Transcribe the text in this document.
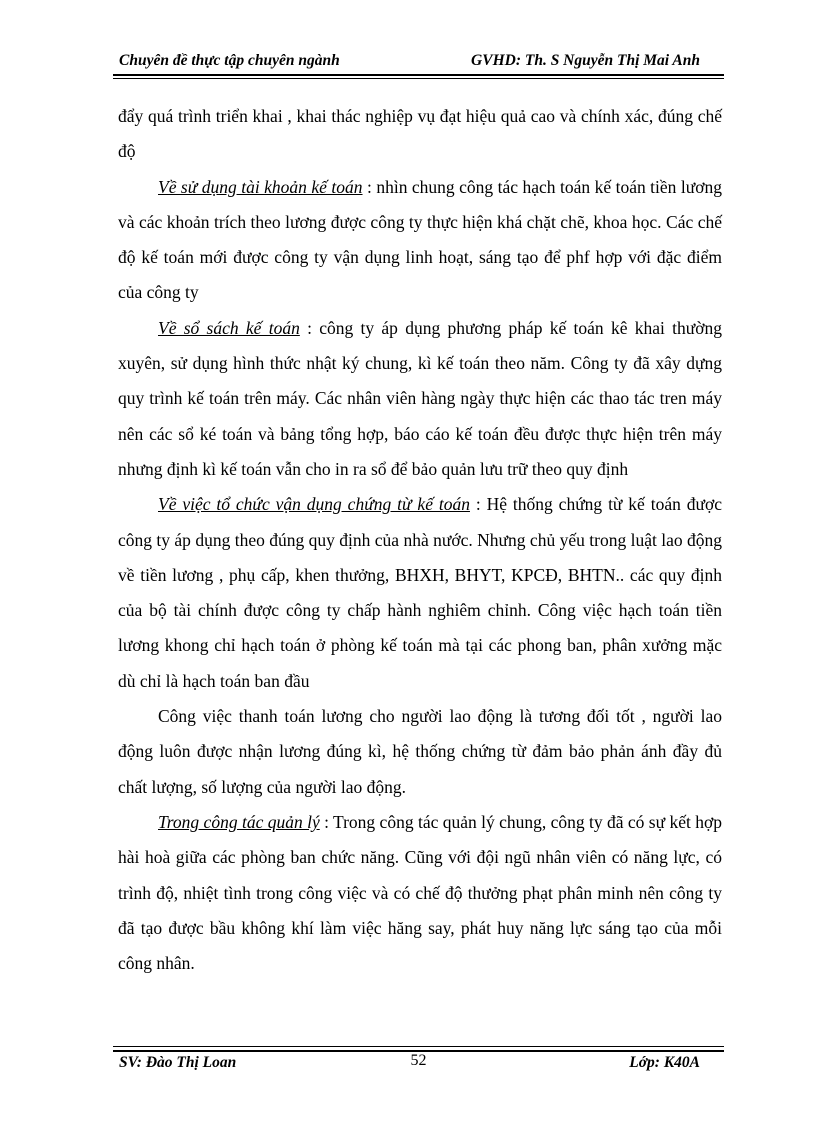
Chuyên đề thực tập chuyên ngành	GVHD: Th. S Nguyễn Thị Mai Anh

đẩy quá trình triển khai , khai thác nghiệp vụ đạt hiệu quả cao và chính xác, đúng chế độ

Về sử dụng tài khoản kế toán : nhìn chung công tác hạch toán kế toán tiền lương và các khoản trích theo lương được công ty thực hiện khá chặt chẽ, khoa học. Các chế độ kế toán mới được công ty vận dụng linh hoạt, sáng tạo để phf hợp với đặc điểm của công ty

Về sổ sách kế toán : công ty áp dụng phương pháp kế toán kê khai thường xuyên, sử dụng hình thức nhật ký chung, kì kế toán theo năm. Công ty đã xây dựng quy trình kế toán trên máy. Các nhân viên hàng ngày thực hiện các thao tác tren máy nên các sổ ké toán và bảng tổng hợp, báo cáo kế toán đều được thực hiện trên máy nhưng định kì kế toán vẫn cho in ra sổ để bảo quản lưu trữ theo quy định

Về việc tổ chức vận dụng chứng từ kế toán : Hệ thống chứng từ kế toán được công ty áp dụng theo đúng quy định của nhà nước. Nhưng chủ yếu trong luật lao động về tiền lương , phụ cấp, khen thưởng, BHXH, BHYT, KPCĐ, BHTN.. các quy định của bộ tài chính được công ty chấp hành nghiêm chỉnh. Công việc hạch toán tiền lương khong chỉ hạch toán ở phòng kế toán mà tại các phong ban, phân xưởng mặc dù chỉ là hạch toán ban đầu

Công việc thanh toán lương cho người lao động là tương đối tốt , người lao động luôn được nhận lương đúng kì, hệ thống chứng từ đảm bảo phản ánh đầy đủ chất lượng, số lượng của người lao động.

Trong công tác quản lý : Trong công tác quản lý chung, công ty đã có sự kết hợp hài hoà giữa các phòng ban chức năng. Cũng với đội ngũ nhân viên có năng lực, có trình độ, nhiệt tình trong công việc và có chế độ thưởng phạt phân minh nên công ty đã tạo được bầu không khí làm việc hăng say, phát huy năng lực sáng tạo của mỗi công nhân.

SV: Đào Thị Loan	52	Lớp: K40A
